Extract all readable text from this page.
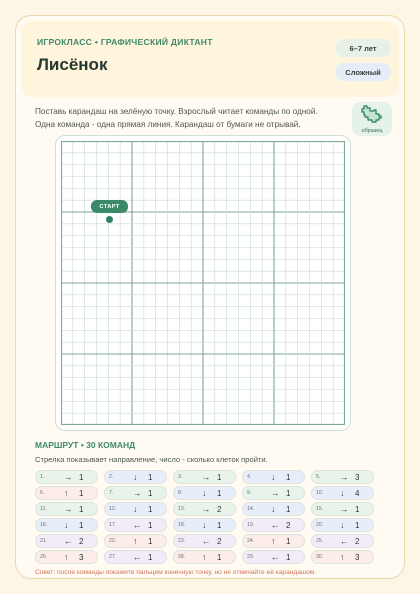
ИГРОКЛАСС • ГРАФИЧЕСКИЙ ДИКТАНТ
Лисёнок
6–7 лет
Сложный
Поставь карандаш на зелёную точку. Взрослый читает команды по одной. Одна команда - одна прямая линия. Карандаш от бумаги не отрывай.
образец
СТАРТ
МАРШРУТ • 30 КОМАНД
Стрелка показывает направление, число - сколько клеток пройти.
1. → 1	2. ↓ 1	3. → 1	4. ↓ 1	5. → 3
6. ↑ 1	7. → 1	8. ↓ 1	9. → 1	10. ↓ 4
11. → 1	12. ↓ 1	13. → 2	14. ↓ 1	15. → 1
16. ↓ 1	17. ← 1	18. ↓ 1	19. ← 2	20. ↓ 1
21. ← 2	22. ↑ 1	23. ← 2	24. ↑ 1	25. ← 2
26. ↑ 3	27. ← 1	28. ↑ 1	29. ← 1	30. ↑ 3
Совет: после команды покажите пальцем конечную точку, но не отмечайте её карандашом.
